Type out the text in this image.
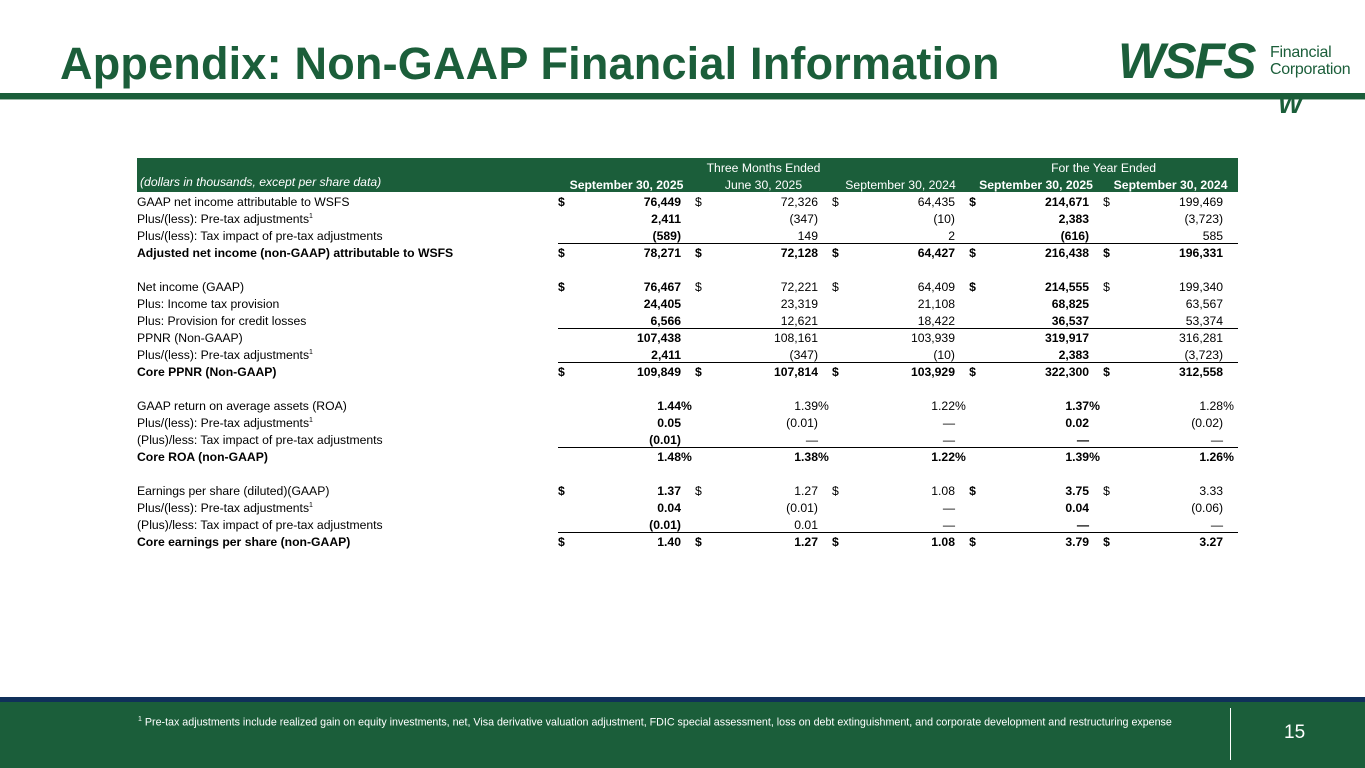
Appendix: Non-GAAP Financial Information WSFS Financial
Corporation
W
	Three Months Ended									For the Year Ended					
(dollars in thousands, except per share data)	September 30, 2025			June 30, 2025			September 30, 2024			September 30, 2025			September 30, 2024		
GAAP net income attributable to WSFS	$	76,449		$	72,326		$	64,435		$	214,671		$	199,469	
Plus/(less): Pre-tax adjustments$^1$		2,411			(347)			(10)			2,383			(3,723)	
Plus/(less): Tax impact of pre-tax adjustments		(589)			149			2			(616)			585	
Adjusted net income (non-GAAP) attributable to WSFS	$	78,271		$	72,128		$	64,427		$	216,438		$	196,331	

Net income (GAAP)	$	76,467		$	72,221		$	64,409		$	214,555		$	199,340	
Plus: Income tax provision		24,405			23,319			21,108			68,825			63,567	
Plus: Provision for credit losses		6,566			12,621			18,422			36,537			53,374	
PPNR (Non-GAAP)		107,438			108,161			103,939			319,917			316,281	
Plus/(less): Pre-tax adjustments$^1$		2,411			(347)			(10)			2,383			(3,723)	
Core PPNR (Non-GAAP)	$	109,849		$	107,814		$	103,929		$	322,300		$	312,558	

GAAP return on average assets (ROA)		1.44	%		1.39	%		1.22	%		1.37	%		1.28	%
Plus/(less): Pre-tax adjustments$^1$		0.05			(0.01)			—			0.02			(0.02)	
(Plus)/less: Tax impact of pre-tax adjustments		(0.01)			—			—			—			—	
Core ROA (non-GAAP)		1.48	%		1.38	%		1.22	%		1.39	%		1.26	%

Earnings per share (diluted)(GAAP)	$	1.37		$	1.27		$	1.08		$	3.75		$	3.33	
Plus/(less): Pre-tax adjustments$^1$		0.04			(0.01)			—			0.04			(0.06)	
(Plus)/less: Tax impact of pre-tax adjustments		(0.01)			0.01			—			—			—	
Core earnings per share (non-GAAP)	$	1.40		$	1.27		$	1.08		$	3.79		$	3.27	
$^1$ Pre-tax adjustments include realized gain on equity investments, net, Visa derivative valuation adjustment, FDIC special assessment, loss on debt extinguishment, and corporate development and restructuring expense	15
